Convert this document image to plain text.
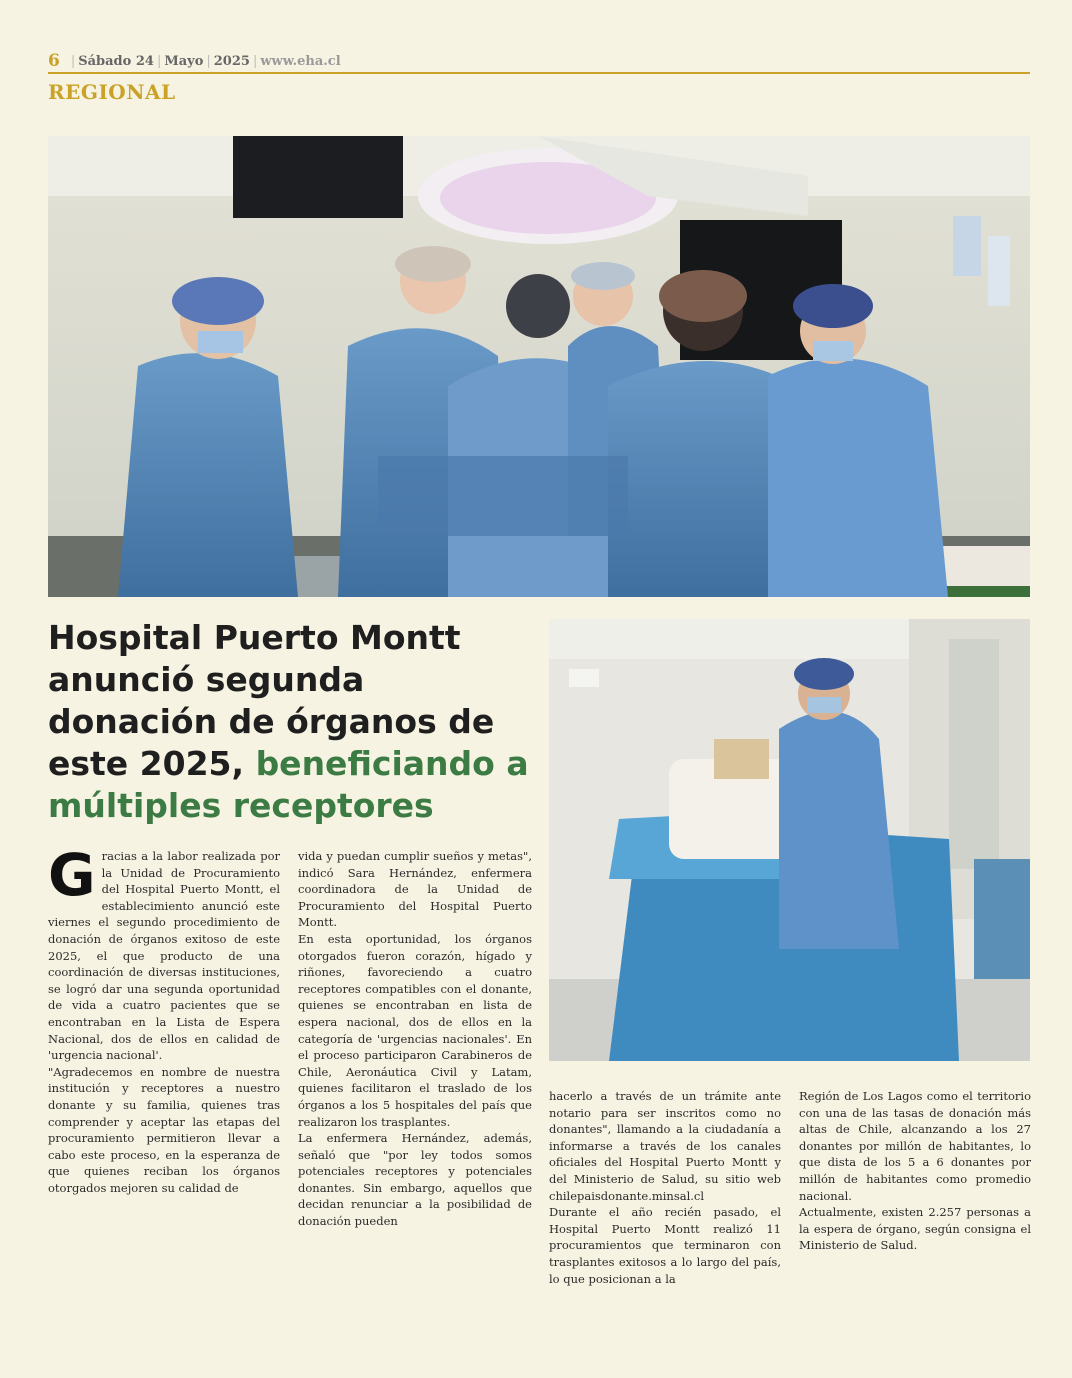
6 | Sábado 24 | Mayo | 2025 | www.eha.cl
REGIONAL
Hospital Puerto Montt anunció segunda donación de órganos de este 2025, beneficiando a múltiples receptores
G racias a la labor realizada por la Unidad de Procuramiento del Hospital Puerto Montt, el establecimiento anunció este viernes el segundo procedimiento de donación de órganos exitoso de este 2025, el que producto de una coordinación de diversas instituciones, se logró dar una segunda oportunidad de vida a cuatro pacientes que se encontraban en la Lista de Espera Nacional, dos de ellos en calidad de 'urgencia nacional'.

"Agradecemos en nombre de nuestra institución y receptores a nuestro donante y su familia, quienes tras comprender y aceptar las etapas del procuramiento permitieron llevar a cabo este proceso, en la esperanza de que quienes reciban los órganos otorgados mejoren su calidad de

vida y puedan cumplir sueños y metas", indicó Sara Hernández, enfermera coordinadora de la Unidad de Procuramiento del Hospital Puerto Montt.

En esta oportunidad, los órganos otorgados fueron corazón, hígado y riñones, favoreciendo a cuatro receptores compatibles con el donante, quienes se encontraban en lista de espera nacional, dos de ellos en la categoría de 'urgencias nacionales'. En el proceso participaron Carabineros de Chile, Aeronáutica Civil y Latam, quienes facilitaron el traslado de los órganos a los 5 hospitales del país que realizaron los trasplantes.

La enfermera Hernández, además, señaló que "por ley todos somos potenciales receptores y potenciales donantes. Sin embargo, aquellos que decidan renunciar a la posibilidad de donación pueden

hacerlo a través de un trámite ante notario para ser inscritos como no donantes", llamando a la ciudadanía a informarse a través de los canales oficiales del Hospital Puerto Montt y del Ministerio de Salud, su sitio web chilepaisdonante.minsal.cl

Durante el año recién pasado, el Hospital Puerto Montt realizó 11 procuramientos que terminaron con trasplantes exitosos a lo largo del país, lo que posicionan a la

Región de Los Lagos como el territorio con una de las tasas de donación más altas de Chile, alcanzando a los 27 donantes por millón de habitantes, lo que dista de los 5 a 6 donantes por millón de habitantes como promedio nacional.

Actualmente, existen 2.257 personas a la espera de órgano, según consigna el Ministerio de Salud.
